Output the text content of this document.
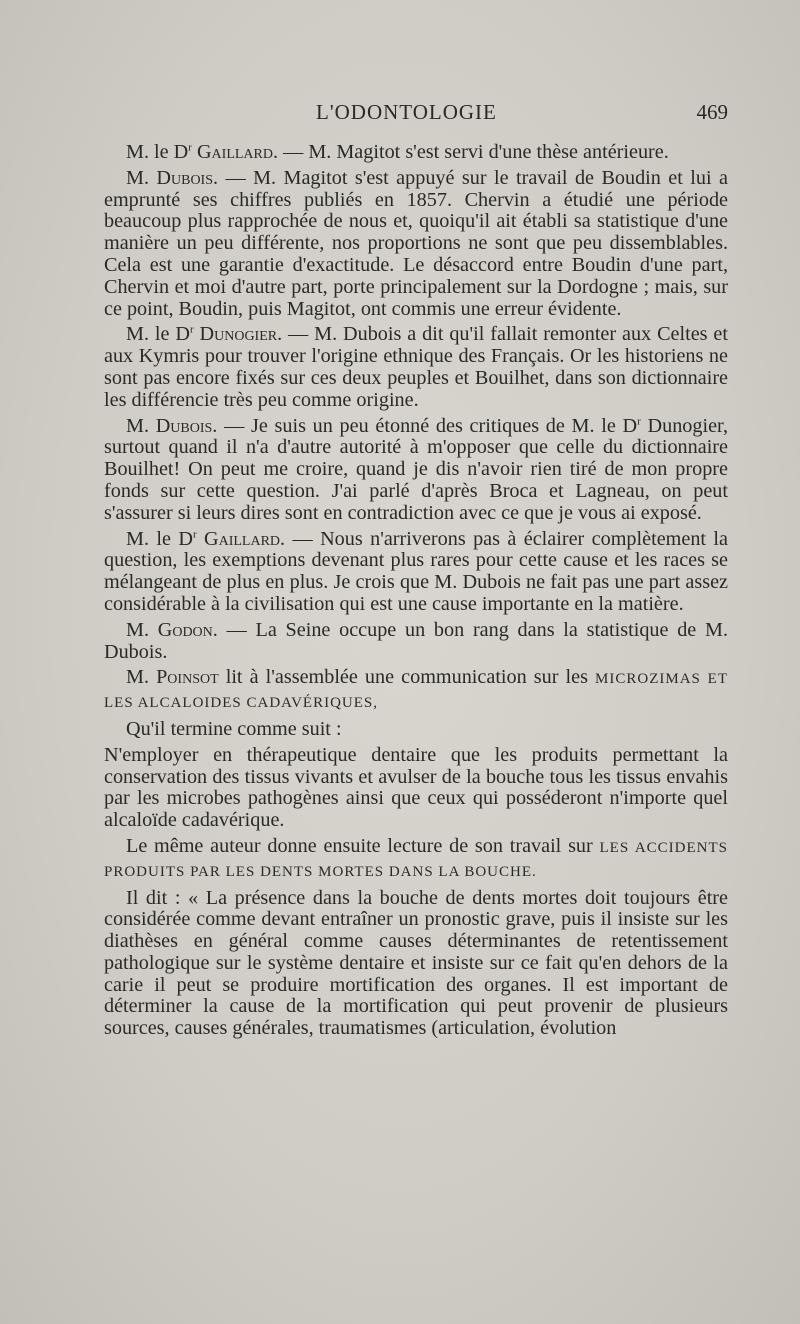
L'ODONTOLOGIE	469

M. le $D^r$ Gaillard. — M. Magitot s'est servi d'une thèse antérieure.

M. Dubois. — M. Magitot s'est appuyé sur le travail de Boudin et lui a emprunté ses chiffres publiés en 1857. Chervin a étudié une période beaucoup plus rapprochée de nous et, quoiqu'il ait établi sa statistique d'une manière un peu différente, nos proportions ne sont que peu dissemblables. Cela est une garantie d'exactitude. Le désaccord entre Boudin d'une part, Chervin et moi d'autre part, porte principalement sur la Dordogne ; mais, sur ce point, Boudin, puis Magitot, ont commis une erreur évidente.

M. le $D^r$ Dunogier. — M. Dubois a dit qu'il fallait remonter aux Celtes et aux Kymris pour trouver l'origine ethnique des Français. Or les historiens ne sont pas encore fixés sur ces deux peuples et Bouilhet, dans son dictionnaire les différencie très peu comme origine.

M. Dubois. — Je suis un peu étonné des critiques de M. le $D^r$ Dunogier, surtout quand il n'a d'autre autorité à m'opposer que celle du dictionnaire Bouilhet! On peut me croire, quand je dis n'avoir rien tiré de mon propre fonds sur cette question. J'ai parlé d'après Broca et Lagneau, on peut s'assurer si leurs dires sont en contradiction avec ce que je vous ai exposé.

M. le $D^r$ Gaillard. — Nous n'arriverons pas à éclairer complètement la question, les exemptions devenant plus rares pour cette cause et les races se mélangeant de plus en plus. Je crois que M. Dubois ne fait pas une part assez considérable à la civilisation qui est une cause importante en la matière.

M. Godon. — La Seine occupe un bon rang dans la statistique de M. Dubois.

M. Poinsot lit à l'assemblée une communication sur les MICROZIMAS ET LES ALCALOIDES CADAVÉRIQUES,

Qu'il termine comme suit :

N'employer en thérapeutique dentaire que les produits permettant la conservation des tissus vivants et avulser de la bouche tous les tissus envahis par les microbes pathogènes ainsi que ceux qui posséderont n'importe quel alcaloïde cadavérique.

Le même auteur donne ensuite lecture de son travail sur LES ACCIDENTS PRODUITS PAR LES DENTS MORTES DANS LA BOUCHE.

Il dit : « La présence dans la bouche de dents mortes doit toujours être considérée comme devant entraîner un pronostic grave, puis il insiste sur les diathèses en général comme causes déterminantes de retentissement pathologique sur le système dentaire et insiste sur ce fait qu'en dehors de la carie il peut se produire mortification des organes. Il est important de déterminer la cause de la mortification qui peut provenir de plusieurs sources, causes générales, traumatismes (articulation, évolution
